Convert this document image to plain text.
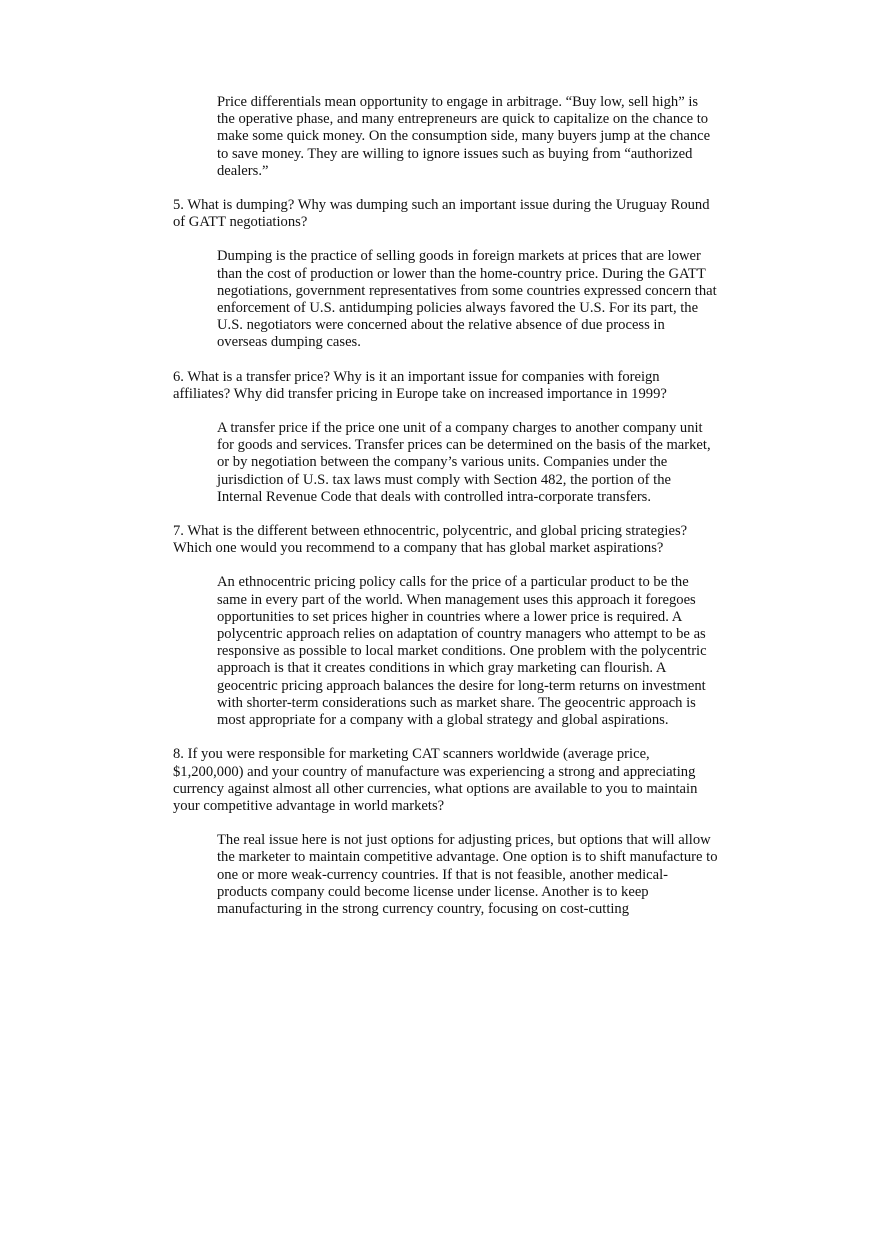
Price differentials mean opportunity to engage in arbitrage. “Buy low, sell high” is the operative phase, and many entrepreneurs are quick to capitalize on the chance to make some quick money. On the consumption side, many buyers jump at the chance to save money. They are willing to ignore issues such as buying from “authorized dealers.”

5. What is dumping? Why was dumping such an important issue during the Uruguay Round of GATT negotiations?

Dumping is the practice of selling goods in foreign markets at prices that are lower than the cost of production or lower than the home-country price. During the GATT negotiations, government representatives from some countries expressed concern that enforcement of U.S. antidumping policies always favored the U.S. For its part, the U.S. negotiators were concerned about the relative absence of due process in overseas dumping cases.

6. What is a transfer price? Why is it an important issue for companies with foreign affiliates? Why did transfer pricing in Europe take on increased importance in 1999?

A transfer price if the price one unit of a company charges to another company unit for goods and services. Transfer prices can be determined on the basis of the market, or by negotiation between the company’s various units. Companies under the jurisdiction of U.S. tax laws must comply with Section 482, the portion of the Internal Revenue Code that deals with controlled intra-corporate transfers.

7. What is the different between ethnocentric, polycentric, and global pricing strategies? Which one would you recommend to a company that has global market aspirations?

An ethnocentric pricing policy calls for the price of a particular product to be the same in every part of the world. When management uses this approach it foregoes opportunities to set prices higher in countries where a lower price is required. A polycentric approach relies on adaptation of country managers who attempt to be as responsive as possible to local market conditions. One problem with the polycentric approach is that it creates conditions in which gray marketing can flourish. A geocentric pricing approach balances the desire for long-term returns on investment with shorter-term considerations such as market share. The geocentric approach is most appropriate for a company with a global strategy and global aspirations.

8. If you were responsible for marketing CAT scanners worldwide (average price, $1,200,000) and your country of manufacture was experiencing a strong and appreciating currency against almost all other currencies, what options are available to you to maintain your competitive advantage in world markets?

The real issue here is not just options for adjusting prices, but options that will allow the marketer to maintain competitive advantage. One option is to shift manufacture to one or more weak-currency countries. If that is not feasible, another medical-products company could become license under license. Another is to keep manufacturing in the strong currency country, focusing on cost-cutting
